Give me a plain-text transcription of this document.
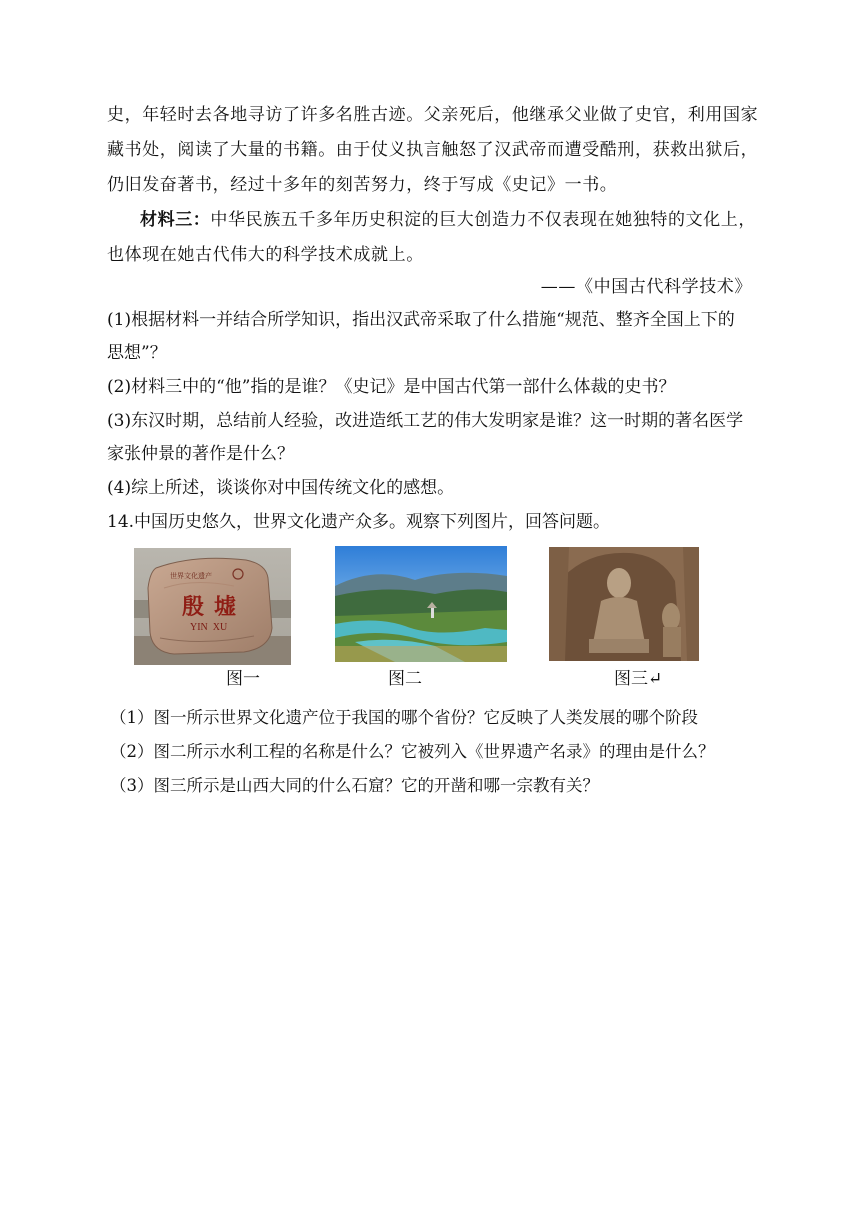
史，年轻时去各地寻访了许多名胜古迹。父亲死后，他继承父业做了史官，利用国家
藏书处，阅读了大量的书籍。由于仗义执言触怒了汉武帝而遭受酷刑，获救出狱后，
仍旧发奋著书，经过十多年的刻苦努力，终于写成《史记》一书。
材料三：中华民族五千多年历史积淀的巨大创造力不仅表现在她独特的文化上，
也体现在她古代伟大的科学技术成就上。
——《中国古代科学技术》
(1)根据材料一并结合所学知识，指出汉武帝采取了什么措施“规范、整齐全国上下的
思想”？
(2)材料三中的“他”指的是谁？《史记》是中国古代第一部什么体裁的史书？
(3)东汉时期，总结前人经验，改进造纸工艺的伟大发明家是谁？这一时期的著名医学
家张仲景的著作是什么？
(4)综上所述，谈谈你对中国传统文化的感想。
14.中国历史悠久，世界文化遗产众多。观察下列图片，回答问题。
世界文化遗产
殷墟
YIN  XU
图一	图二	图三↵
（1）图一所示世界文化遗产位于我国的哪个省份？它反映了人类发展的哪个阶段
（2）图二所示水利工程的名称是什么？它被列入《世界遗产名录》的理由是什么？
（3）图三所示是山西大同的什么石窟？它的开凿和哪一宗教有关？
